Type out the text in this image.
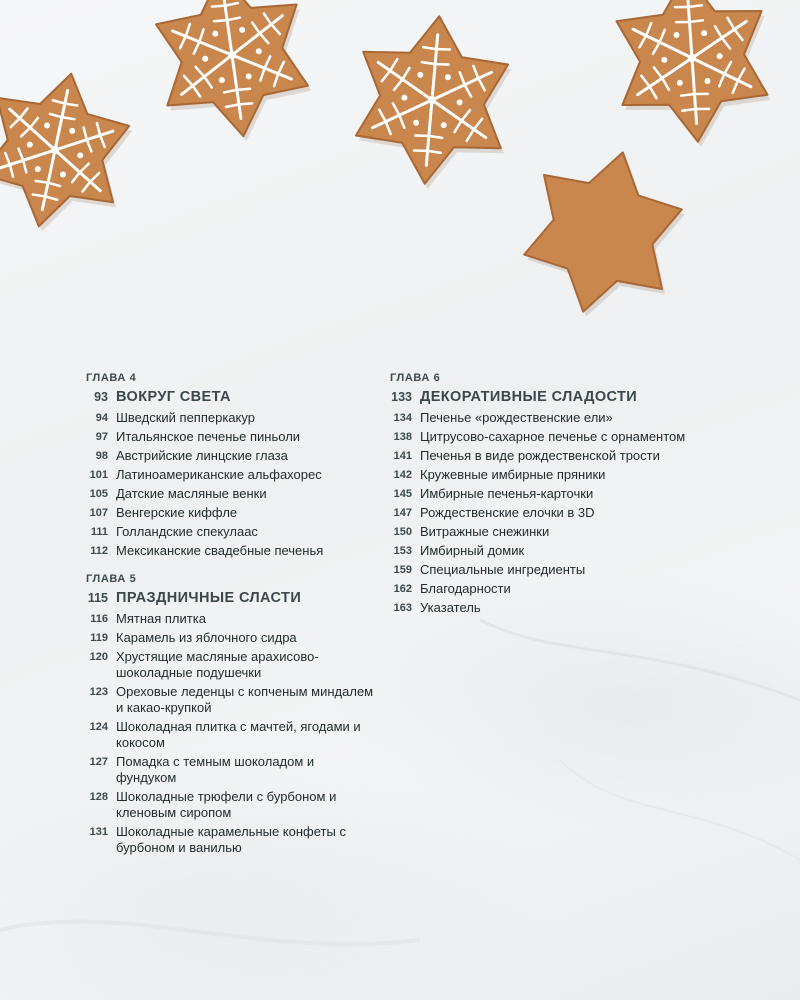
ГЛАВА 4
93 ВОКРУГ СВЕТА
94 Шведский пепперкакур
97 Итальянское печенье пиньоли
98 Австрийские линцские глаза
101 Латиноамериканские альфахорес
105 Датские масляные венки
107 Венгерские киффле
111 Голландские спекулаас
112 Мексиканские свадебные печенья
ГЛАВА 5
115 ПРАЗДНИЧНЫЕ СЛАСТИ
116 Мятная плитка
119 Карамель из яблочного сидра
120 Хрустящие масляные арахисово-шоколадные подушечки
123 Ореховые леденцы с копченым миндалем и какао-крупкой
124 Шоколадная плитка с мачтей, ягодами и кокосом
127 Помадка с темным шоколадом и фундуком
128 Шоколадные трюфели с бурбоном и кленовым сиропом
131 Шоколадные карамельные конфеты с бурбоном и ванилью
ГЛАВА 6
133 ДЕКОРАТИВНЫЕ СЛАДОСТИ
134 Печенье «рождественские ели»
138 Цитрусово-сахарное печенье с орнаментом
141 Печенья в виде рождественской трости
142 Кружевные имбирные пряники
145 Имбирные печенья-карточки
147 Рождественские елочки в 3D
150 Витражные снежинки
153 Имбирный домик
159 Специальные ингредиенты
162 Благодарности
163 Указатель
